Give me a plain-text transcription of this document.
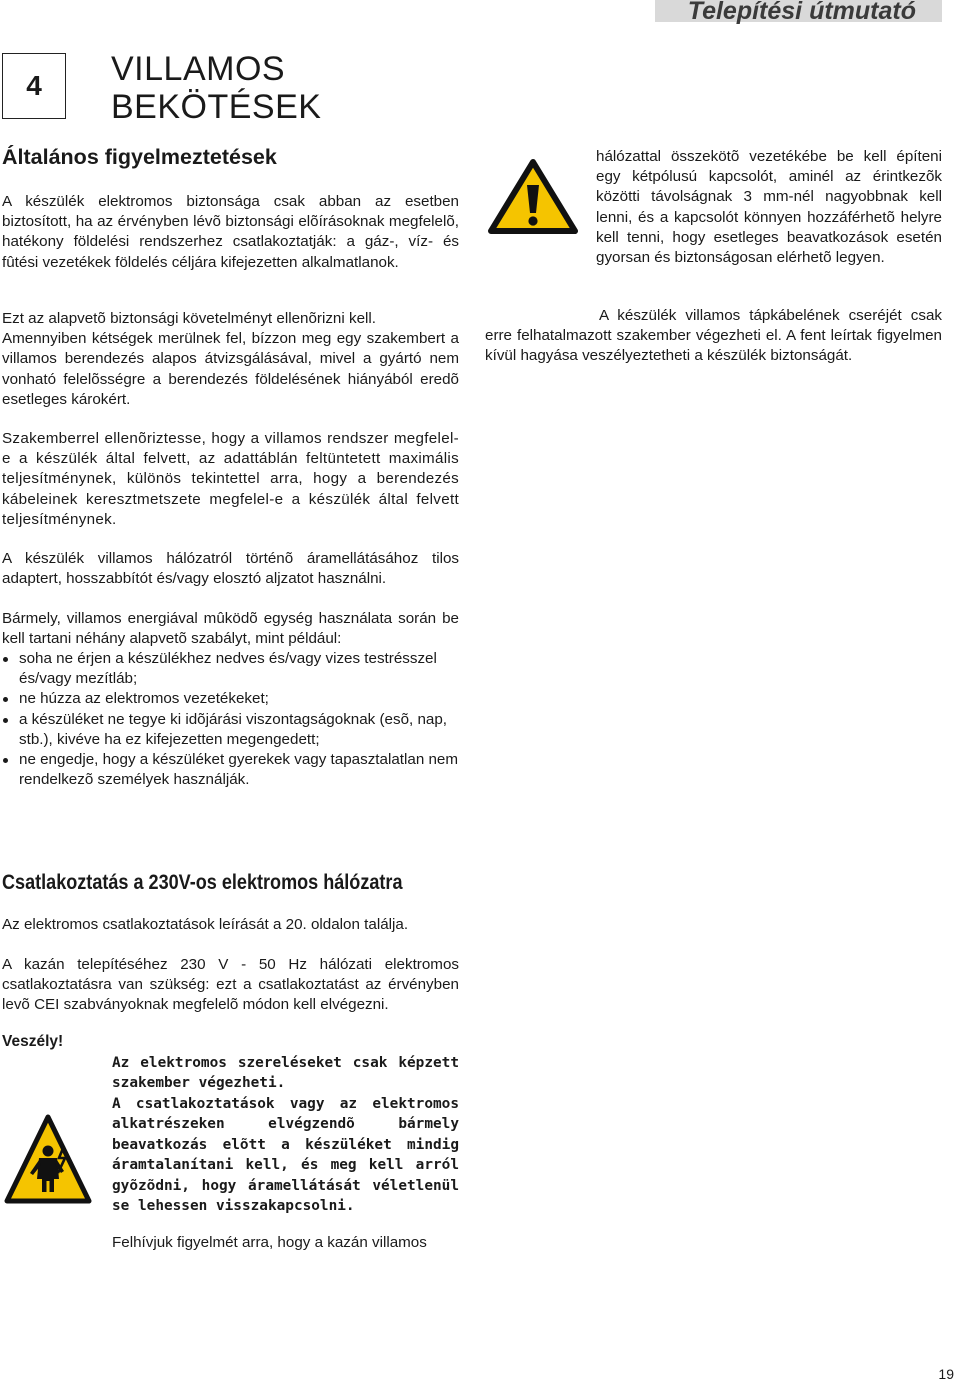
Telepítési útmutató
4 VILLAMOS
BEKÖTÉSEK
Általános figyelmeztetések
A készülék elektromos biztonsága csak abban az esetben biztosított, ha az érvényben lévõ biztonsági elõírásoknak megfelelõ, hatékony földelési rendszerhez csatlakoztatják: a gáz-, víz- és fûtési vezetékek földelés céljára kifejezetten alkalmatlanok.
Ezt az alapvetõ biztonsági követelményt ellenõrizni kell.
Amennyiben kétségek merülnek fel, bízzon meg egy szakembert a villamos berendezés alapos átvizsgálásával, mivel a gyártó nem vonható felelõsségre a berendezés földelésének hiányából eredõ esetleges károkért.
Szakemberrel ellenõriztesse, hogy a villamos rendszer megfelel-e a készülék által felvett, az adattáblán feltüntetett maximális teljesítménynek, különös tekintettel arra, hogy a berendezés kábeleinek keresztmetszete megfelel-e a készülék által felvett teljesítménynek.
A készülék villamos hálózatról történõ áramellátásához tilos adaptert, hosszabbítót és/vagy elosztó aljzatot használni.
Bármely, villamos energiával mûködõ egység használata során be kell tartani néhány alapvetõ szabályt, mint például:
soha ne érjen a készülékhez nedves és/vagy vizes testrésszel és/vagy mezítláb;
ne húzza az elektromos vezetékeket;
a készüléket ne tegye ki idõjárási viszontagságoknak (esõ, nap, stb.), kivéve ha ez kifejezetten megengedett;
ne engedje, hogy a készüléket gyerekek vagy tapasztalatlan nem rendelkezõ személyek használják.
hálózattal összekötõ vezetékébe be kell építeni egy kétpólusú kapcsolót, aminél az érintkezõk közötti távolságnak 3 mm-nél nagyobbnak kell lenni, és a kapcsolót könnyen hozzáférhetõ helyre kell tenni, hogy esetleges beavatkozások esetén gyorsan és biztonságosan elérhetõ legyen.
A készülék villamos tápkábelének cseréjét csak erre felhatalmazott szakember végezheti el. A fent leírtak figyelmen kívül hagyása veszélyeztetheti a készülék biztonságát.
Csatlakoztatás a 230V-os elektromos hálózatra
Az elektromos csatlakoztatások leírását a 20. oldalon találja.
A kazán telepítéséhez 230 V - 50 Hz hálózati elektromos csatlakoztatásra van szükség: ezt a csatlakoztatást az érvényben levõ CEI szabványoknak megfelelõ módon kell elvégezni.
Veszély!
Az elektromos szereléseket csak képzett szakember végezheti.
A csatlakoztatások vagy az elektromos alkatrészeken elvégzendõ bármely beavatkozás elõtt a készüléket mindig áramtalanítani kell, és meg kell arról gyõzõdni, hogy áramellátását véletlenül se lehessen visszakapcsolni.
Felhívjuk figyelmét arra, hogy a kazán villamos
19
